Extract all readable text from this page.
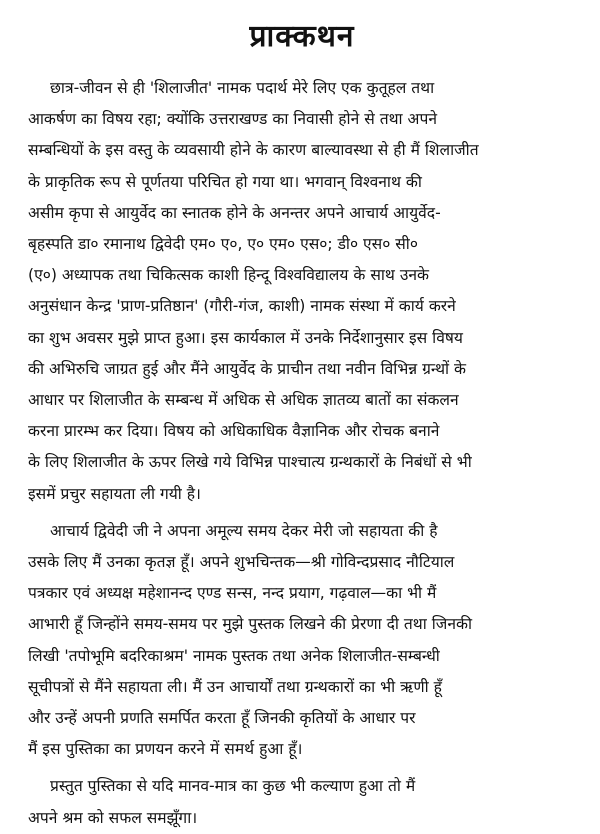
प्राक्कथन
छात्र-जीवन से ही 'शिलाजीत' नामक पदार्थ मेरे लिए एक कुतूहल तथा
आकर्षण का विषय रहा; क्योंकि उत्तराखण्ड का निवासी होने से तथा अपने
सम्बन्धियों के इस वस्तु के व्यवसायी होने के कारण बाल्यावस्था से ही मैं शिलाजीत
के प्राकृतिक रूप से पूर्णतया परिचित हो गया था। भगवान् विश्वनाथ की
असीम कृपा से आयुर्वेद का स्नातक होने के अनन्तर अपने आचार्य आयुर्वेद-
बृहस्पति डा० रमानाथ द्विवेदी एम० ए०, ए० एम० एस०; डी० एस० सी०
(ए०) अध्यापक तथा चिकित्सक काशी हिन्दू विश्वविद्यालय के साथ उनके
अनुसंधान केन्द्र 'प्राण-प्रतिष्ठान' (गौरी-गंज, काशी) नामक संस्था में कार्य करने
का शुभ अवसर मुझे प्राप्त हुआ। इस कार्यकाल में उनके निर्देशानुसार इस विषय
की अभिरुचि जाग्रत हुई और मैंने आयुर्वेद के प्राचीन तथा नवीन विभिन्न ग्रन्थों के
आधार पर शिलाजीत के सम्बन्ध में अधिक से अधिक ज्ञातव्य बातों का संकलन
करना प्रारम्भ कर दिया। विषय को अधिकाधिक वैज्ञानिक और रोचक बनाने
के लिए शिलाजीत के ऊपर लिखे गये विभिन्न पाश्चात्य ग्रन्थकारों के निबंधों से भी
इसमें प्रचुर सहायता ली गयी है।
आचार्य द्विवेदी जी ने अपना अमूल्य समय देकर मेरी जो सहायता की है
उसके लिए मैं उनका कृतज्ञ हूँ। अपने शुभचिन्तक—श्री गोविन्दप्रसाद नौटियाल
पत्रकार एवं अध्यक्ष महेशानन्द एण्ड सन्स, नन्द प्रयाग, गढ़वाल—का भी मैं
आभारी हूँ जिन्होंने समय-समय पर मुझे पुस्तक लिखने की प्रेरणा दी तथा जिनकी
लिखी 'तपोभूमि बदरिकाश्रम' नामक पुस्तक तथा अनेक शिलाजीत-सम्बन्धी
सूचीपत्रों से मैंने सहायता ली। मैं उन आचार्यों तथा ग्रन्थकारों का भी ऋणी हूँ
और उन्हें अपनी प्रणति समर्पित करता हूँ जिनकी कृतियों के आधार पर
मैं इस पुस्तिका का प्रणयन करने में समर्थ हुआ हूँ।
प्रस्तुत पुस्तिका से यदि मानव-मात्र का कुछ भी कल्याण हुआ तो मैं
अपने श्रम को सफल समझूँगा।
